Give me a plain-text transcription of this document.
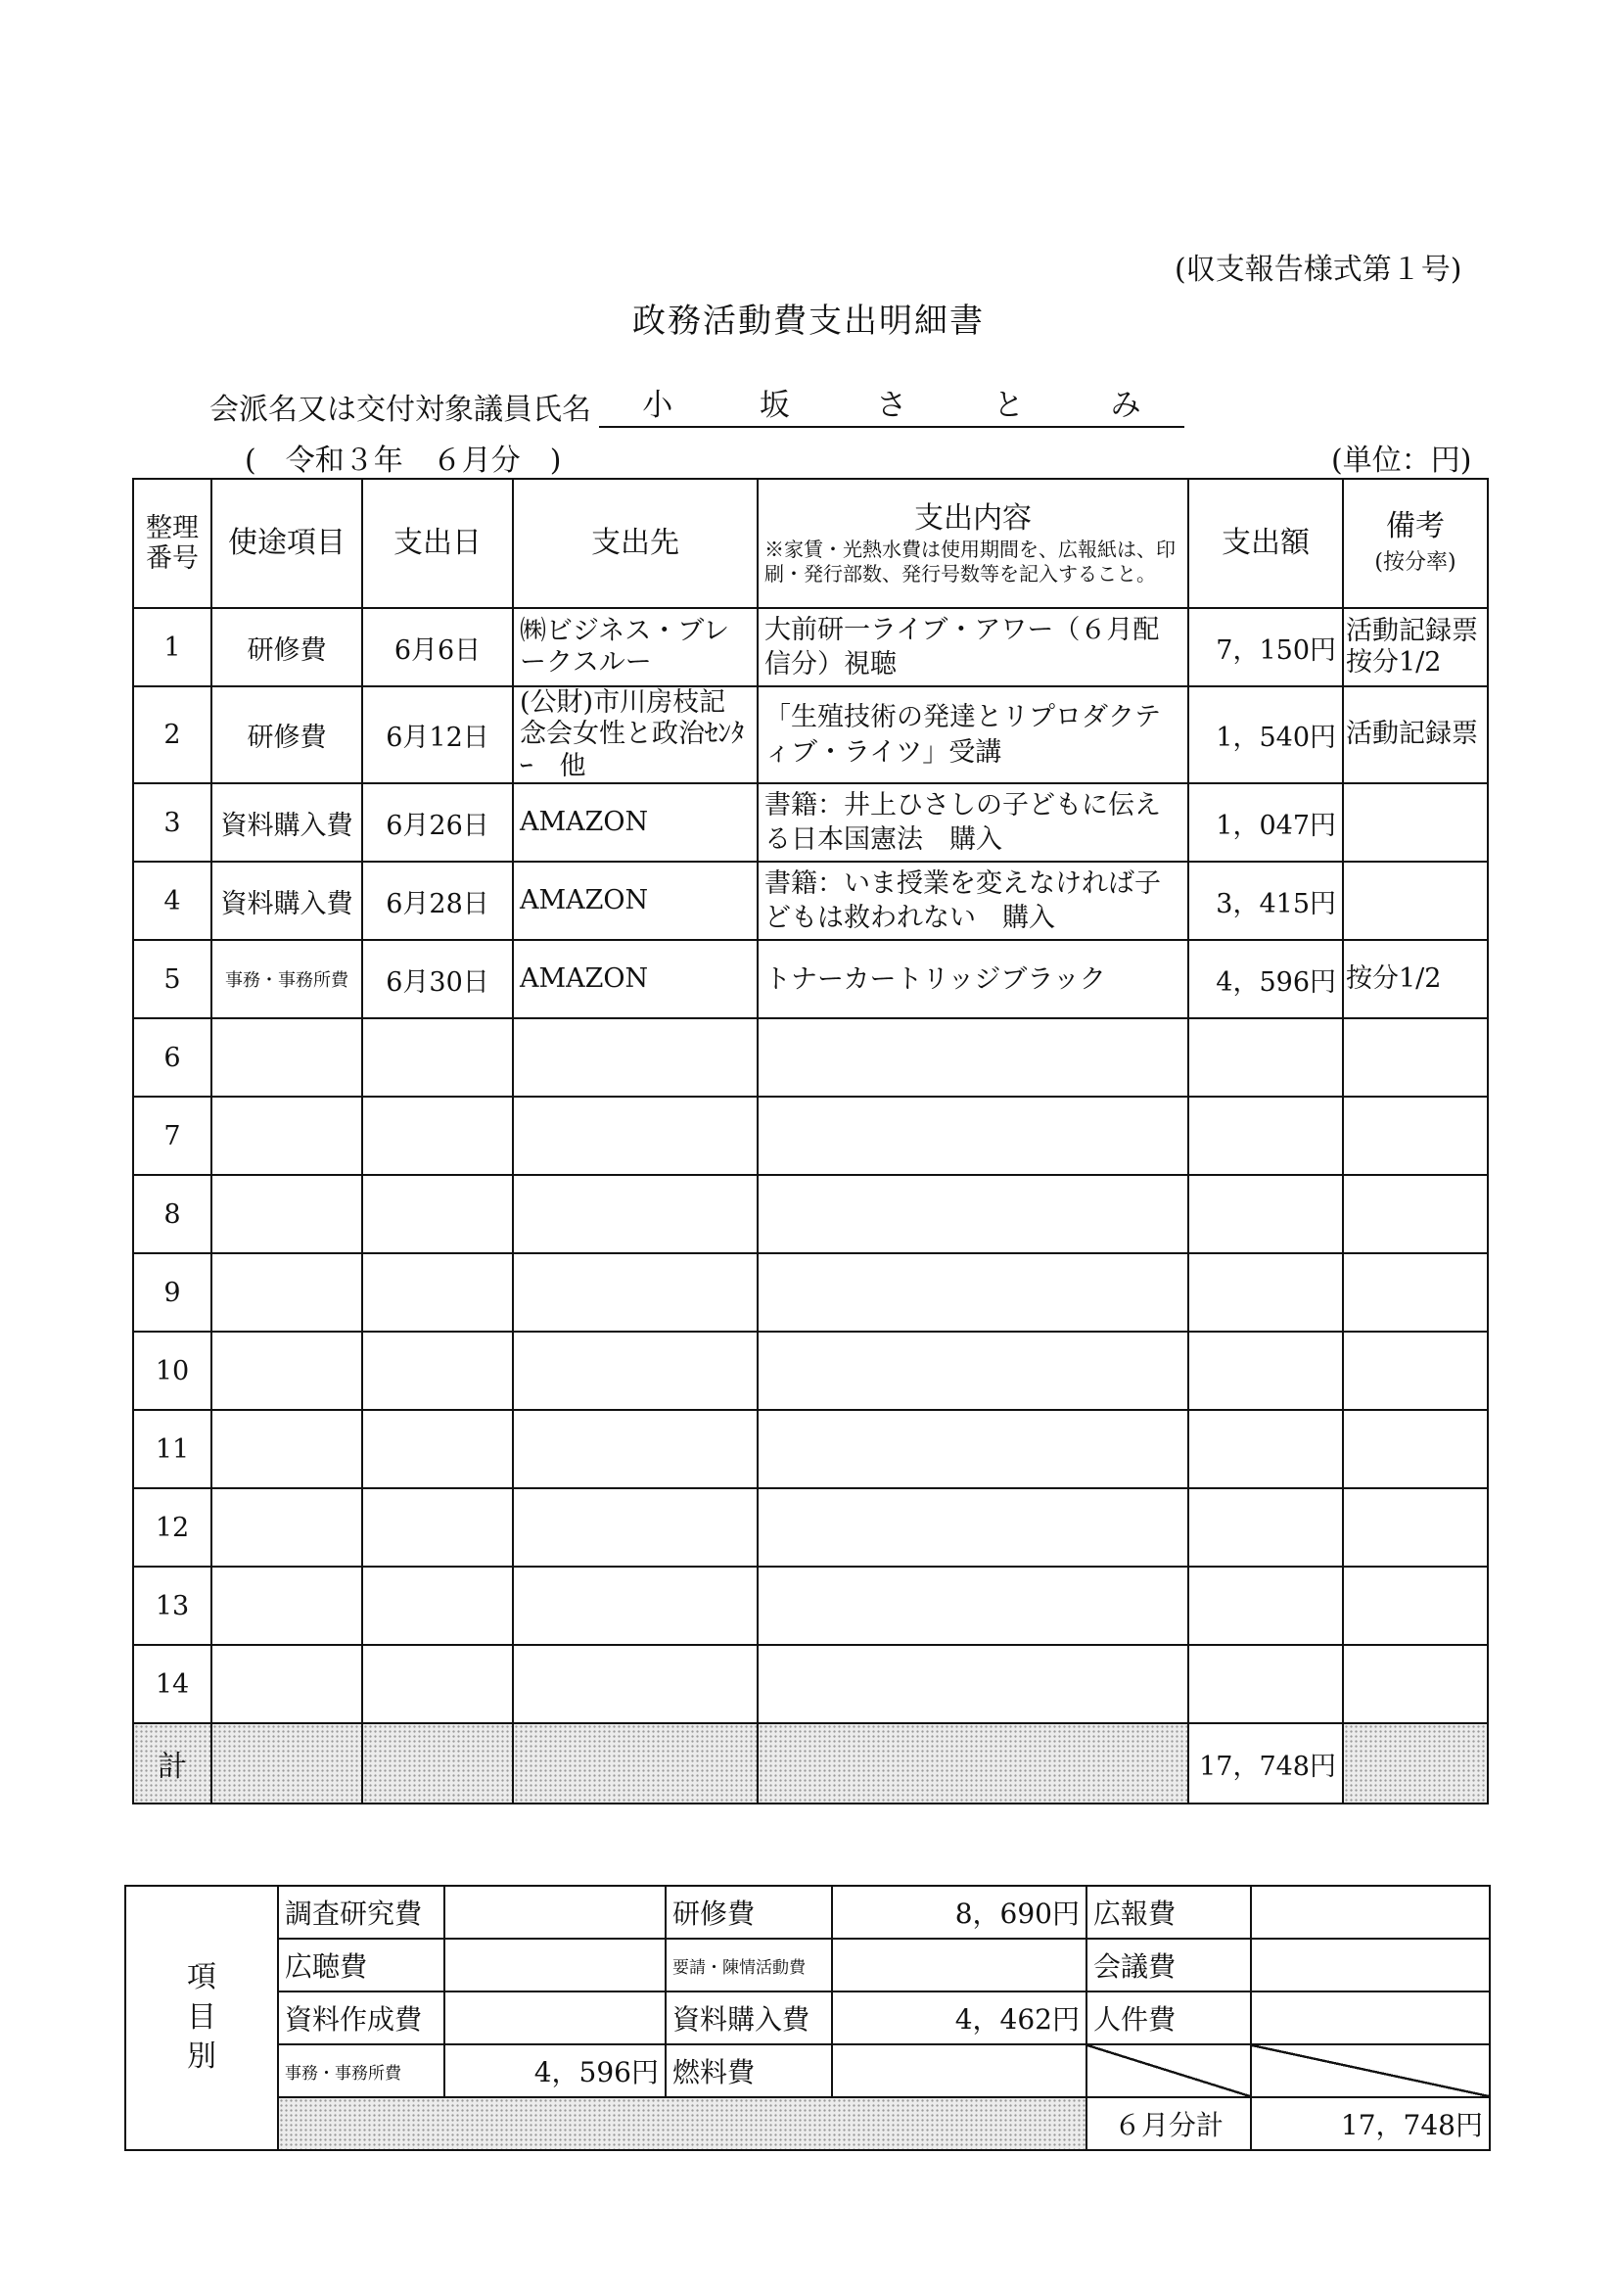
(収支報告様式第１号)
政務活動費支出明細書
会派名又は交付対象議員氏名 小	坂	さ	と	み
(　令和３年　６月分　)	(単位：円)
整理番号	使途項目	支出日	支出先	支出内容
※家賃・光熱水費は使用期間を、広報紙は、印刷・発行部数、発行号数等を記入すること。	支出額	備考
(按分率)
1	研修費	6月6日	㈱ビジネス・ブレークスルー	大前研一ライブ・アワー（６月配信分）視聴	7，150円	活動記録票 按分1/2
2	研修費	6月12日	(公財)市川房枝記念会女性と政治ｾﾝﾀｰ　他	「生殖技術の発達とリプロダクティブ・ライツ」受講	1，540円	活動記録票
3	資料購入費	6月26日	AMAZON	書籍：井上ひさしの子どもに伝える日本国憲法　購入	1，047円	
4	資料購入費	6月28日	AMAZON	書籍：いま授業を変えなければ子どもは救われない　購入	3，415円	
5	事務・事務所費	6月30日	AMAZON	トナーカートリッジブラック	4，596円	按分1/2
6						
7						
8						
9						
10						
11						
12						
13						
14						
計					17，748円	
項目別	調査研究費		研修費	8，690円	広報費	
	広聴費		要請・陳情活動費		会議費	
	資料作成費		資料購入費	4，462円	人件費	
	事務・事務所費	4，596円	燃料費			
					６月分計	17，748円
